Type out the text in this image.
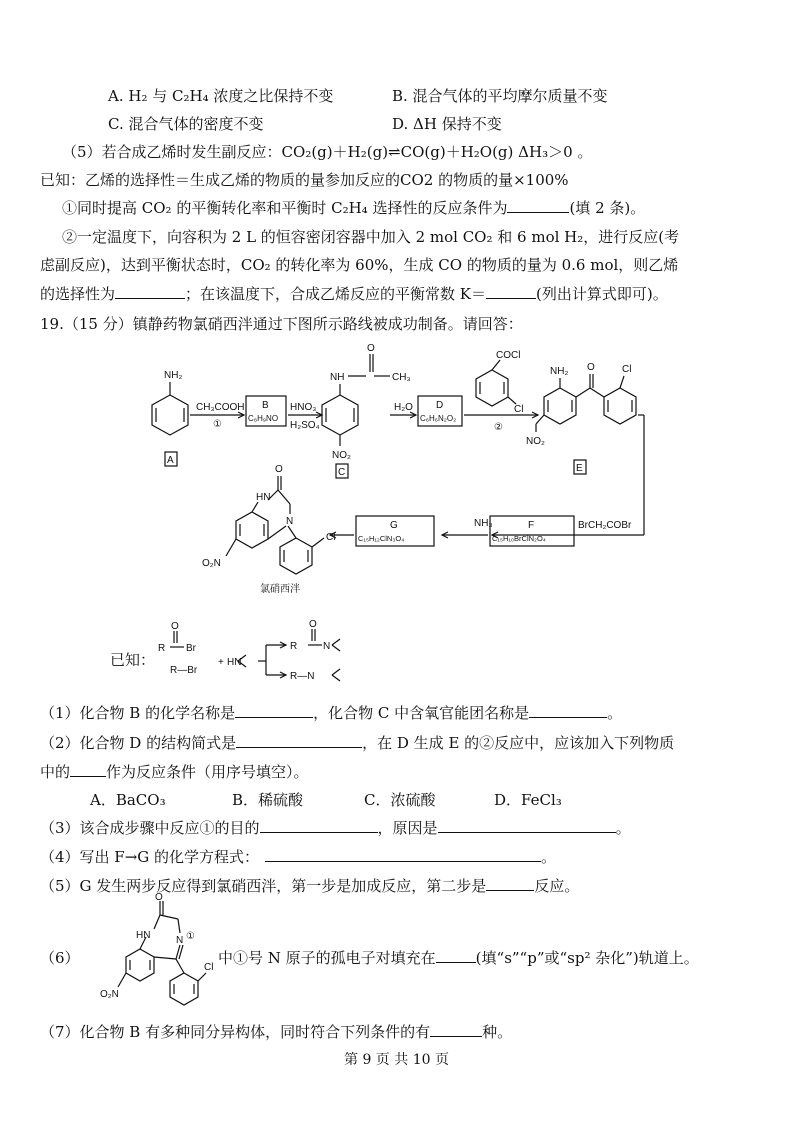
A. H₂ 与 C₂H₄ 浓度之比保持不变	B. 混合气体的平均摩尔质量不变
C. 混合气体的密度不变	D. ΔH 保持不变
（5）若合成乙烯时发生副反应：CO₂(g)＋H₂(g)⇌CO(g)＋H₂O(g) ΔH₃＞0 。
已知：乙烯的选择性＝生成乙烯的物质的量参加反应的CO2 的物质的量×100%
①同时提高 CO₂ 的平衡转化率和平衡时 C₂H₄ 选择性的反应条件为	(填 2 条)。
②一定温度下，向容积为 2 L 的恒容密闭容器中加入 2 mol CO₂ 和 6 mol H₂，进行反应(考
虑副反应)，达到平衡状态时，CO₂ 的转化率为 60%，生成 CO 的物质的量为 0.6 mol，则乙烯
的选择性为	；在该温度下，合成乙烯反应的平衡常数 K＝	(列出计算式即可)。
19.（15 分）镇静药物氯硝西泮通过下图所示路线被成功制备。请回答：
NH₂
A
CH₃COOH
①
B
C₈H₉NO
HNO₃
H₂SO₄
NH
O
CH₃
NO₂
C
H₂O D
C₆H₆N₂O₂
②
COCl
Cl
NH₂ O	Cl
NO₂
E
BrCH₂COBr
F
C₁₅H₁₀BrClN₂O₄
NH₃
G
C₁₅H₁₂ClN₃O₄
HN
O
N
Cl
O₂N
氯硝西泮
R Br
O
R—Br
+ HN
R
O
N
R—N
已知：
（1）化合物 B 的化学名称是	，化合物 C 中含氧官能团名称是	。
（2）化合物 D 的结构简式是	，在 D 生成 E 的②反应中，应该加入下列物质
中的 作为反应条件（用序号填空）。
A．BaCO₃	B．稀硫酸	C．浓硫酸	D．FeCl₃
（3）该合成步骤中反应①的目的	，原因是	。
（4）写出 F→G 的化学方程式：	。
（5）G 发生两步反应得到氯硝西泮，第一步是加成反应，第二步是	反应。
（6）
O
HN	N ①
Cl
O₂N
中①号 N 原子的孤电子对填充在	(填“s”“p”或“sp² 杂化”)轨道上。
（7）化合物 B 有多种同分异构体，同时符合下列条件的有	种。
第 9 页 共 10 页
